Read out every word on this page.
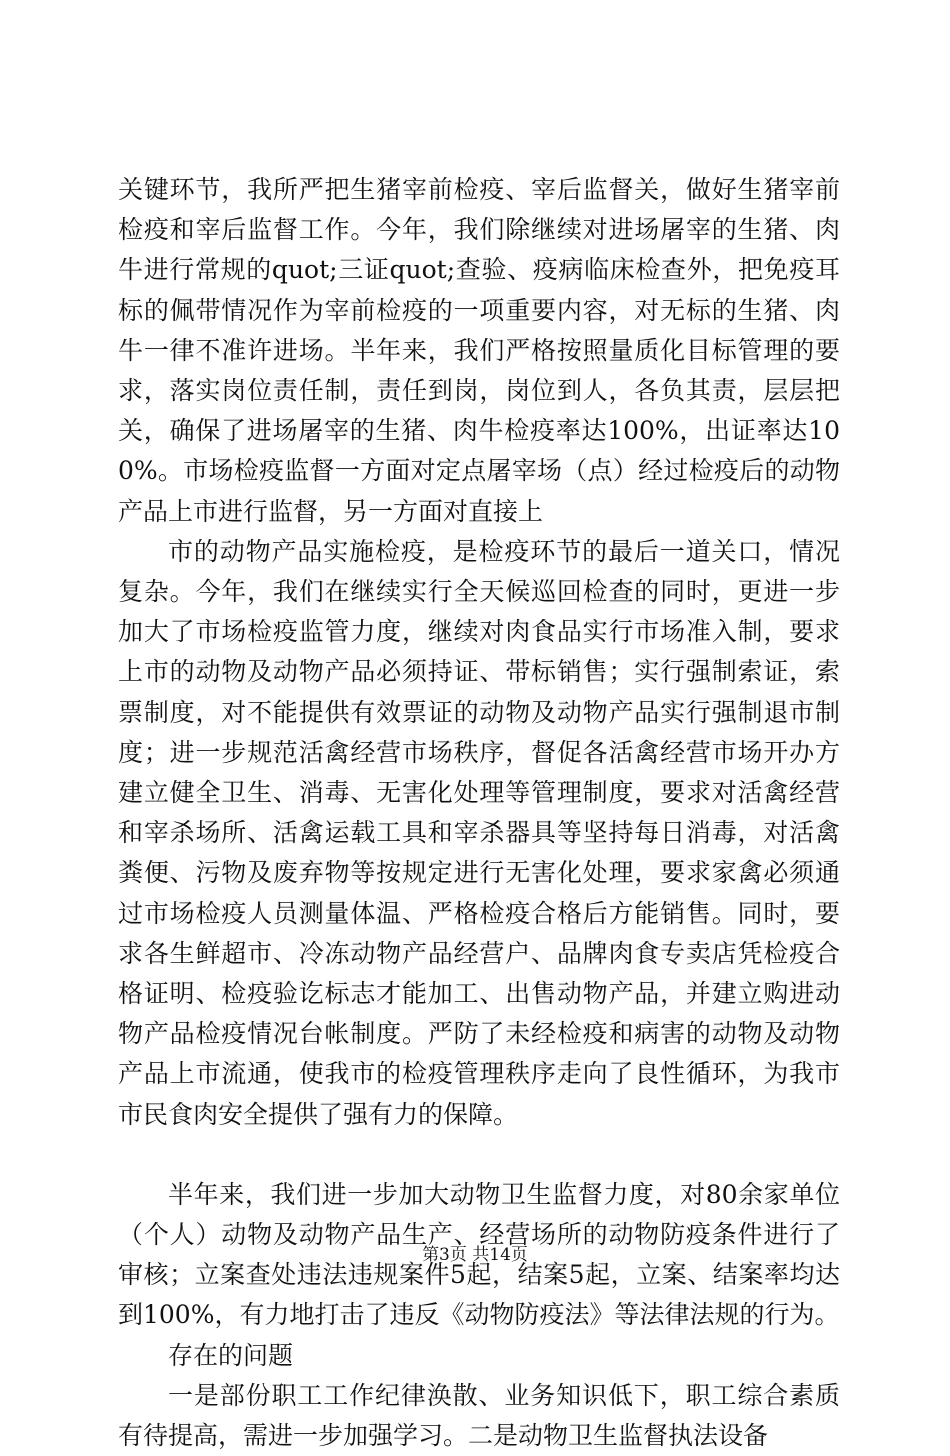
关键环节，我所严把生猪宰前检疫、宰后监督关，做好生猪宰前检疫和宰后监督工作。今年，我们除继续对进场屠宰的生猪、肉牛进行常规的quot;三证quot;查验、疫病临床检查外，把免疫耳标的佩带情况作为宰前检疫的一项重要内容，对无标的生猪、肉牛一律不准许进场。半年来，我们严格按照量质化目标管理的要求，落实岗位责任制，责任到岗，岗位到人，各负其责，层层把关，确保了进场屠宰的生猪、肉牛检疫率达100%，出证率达100%。市场检疫监督一方面对定点屠宰场（点）经过检疫后的动物产品上市进行监督，另一方面对直接上

市的动物产品实施检疫，是检疫环节的最后一道关口，情况复杂。今年，我们在继续实行全天候巡回检查的同时，更进一步加大了市场检疫监管力度，继续对肉食品实行市场准入制，要求上市的动物及动物产品必须持证、带标销售；实行强制索证，索票制度，对不能提供有效票证的动物及动物产品实行强制退市制度；进一步规范活禽经营市场秩序，督促各活禽经营市场开办方建立健全卫生、消毒、无害化处理等管理制度，要求对活禽经营和宰杀场所、活禽运载工具和宰杀器具等坚持每日消毒，对活禽粪便、污物及废弃物等按规定进行无害化处理，要求家禽必须通过市场检疫人员测量体温、严格检疫合格后方能销售。同时，要求各生鲜超市、冷冻动物产品经营户、品牌肉食专卖店凭检疫合格证明、检疫验讫标志才能加工、出售动物产品，并建立购进动物产品检疫情况台帐制度。严防了未经检疫和病害的动物及动物产品上市流通，使我市的检疫管理秩序走向了良性循环，为我市市民食肉安全提供了强有力的保障。

半年来，我们进一步加大动物卫生监督力度，对80余家单位（个人）动物及动物产品生产、经营场所的动物防疫条件进行了审核；立案查处违法违规案件5起，结案5起，立案、结案率均达到100%，有力地打击了违反《动物防疫法》等法律法规的行为。

存在的问题

一是部份职工工作纪律涣散、业务知识低下，职工综合素质有待提高，需进一步加强学习。二是动物卫生监督执法设备

第3页 共14页
